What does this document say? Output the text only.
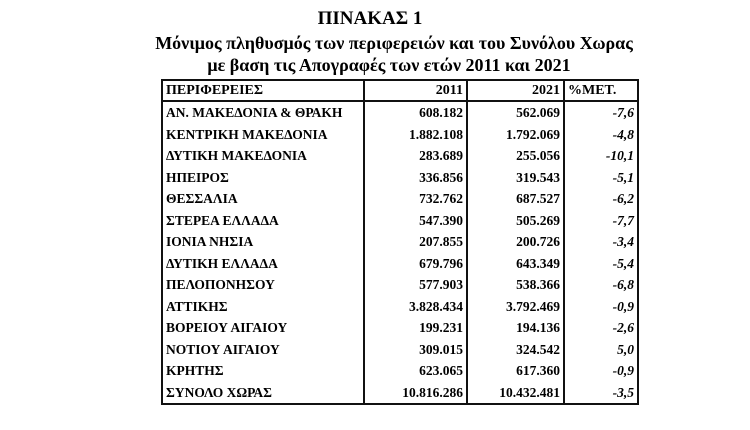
ΠΙΝΑΚΑΣ 1
Μόνιμος πληθυσμός των περιφερειών και του Συνόλου Χωρας
με βαση τις Απογραφές των ετών 2011 και 2021
ΠΕΡΙΦΕΡΕΙΕΣ	2011	2021	%ΜΕΤ.
ΑΝ. ΜΑΚΕΔΟΝΙΑ & ΘΡΑΚΗ	608.182	562.069	-7,6
ΚΕΝΤΡΙΚΗ ΜΑΚΕΔΟΝΙΑ	1.882.108	1.792.069	-4,8
ΔΥΤΙΚΗ ΜΑΚΕΔΟΝΙΑ	283.689	255.056	-10,1
ΗΠΕΙΡΟΣ	336.856	319.543	-5,1
ΘΕΣΣΑΛΙΑ	732.762	687.527	-6,2
ΣΤΕΡΕΑ ΕΛΛΑΔΑ	547.390	505.269	-7,7
ΙΟΝΙΑ ΝΗΣΙΑ	207.855	200.726	-3,4
ΔΥΤΙΚΗ ΕΛΛΑΔΑ	679.796	643.349	-5,4
ΠΕΛΟΠΟΝΗΣΟΥ	577.903	538.366	-6,8
ΑΤΤΙΚΗΣ	3.828.434	3.792.469	-0,9
ΒΟΡΕΙΟΥ ΑΙΓΑΙΟΥ	199.231	194.136	-2,6
ΝΟΤΙΟΥ ΑΙΓΑΙΟΥ	309.015	324.542	5,0
ΚΡΗΤΗΣ	623.065	617.360	-0,9
ΣΥΝΟΛΟ ΧΩΡΑΣ	10.816.286	10.432.481	-3,5
